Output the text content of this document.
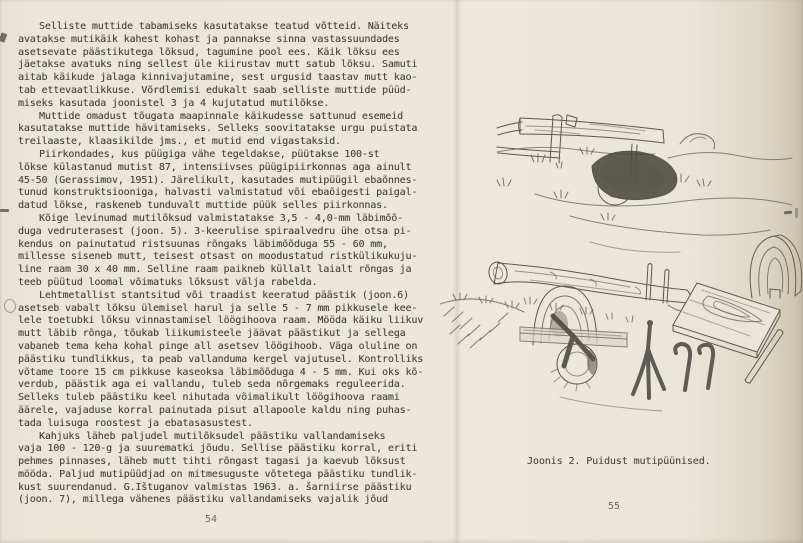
Selliste muttide tabamiseks kasutatakse teatud võtteid. Näiteks
avatakse mutikäik kahest kohast ja pannakse sinna vastassuundades
asetsevate päästikutega lõksud, tagumine pool ees. Käik lõksu ees
jäetakse avatuks ning sellest üle kiirustav mutt satub lõksu. Samuti
aitab käikude jalaga kinnivajutamine, sest urgusid taastav mutt kao-
tab ettevaatlikkuse. Võrdlemisi edukalt saab selliste muttide püüd-
miseks kasutada joonistel 3 ja 4 kujutatud mutilõkse.
Muttide omadust tõugata maapinnale käikudesse sattunud esemeid
kasutatakse muttide hävitamiseks. Selleks soovitatakse urgu puistata
treilaaste, klaasikilde jms., et mutid end vigastaksid.
Piirkondades, kus püügiga vähe tegeldakse, püütakse 100-st
lõkse külastanud mutist 87, intensiivses püügipiirkonnas aga ainult
45-50 (Gerassimov, 1951). Järelikult, kasutades mutipüügil ebaõnnes-
tunud konstruktsiooniga, halvasti valmistatud või ebaõigesti paigal-
datud lõkse, raskeneb tunduvalt muttide püük selles piirkonnas.
Kõige levinumad mutilõksud valmistatakse 3,5 - 4,0-mm läbimõõ-
duga vedruterasest (joon. 5). 3-keerulise spiraalvedru ühe otsa pi-
kendus on painutatud ristsuunas rõngaks läbimõõduga 55 - 60 mm,
millesse siseneb mutt, teisest otsast on moodustatud ristkülikukuju-
line raam 30 x 40 mm. Selline raam paikneb küllalt laialt rõngas ja
teeb püütud loomal võimatuks lõksust välja rabelda.
Lehtmetallist stantsitud või traadist keeratud päästik (joon.6)
asetseb vabalt lõksu ülemisel harul ja selle 5 - 7 mm pikkusele kee-
lele toetubki lõksu vinnastamisel löögihoova raam. Mööda käiku liikuv
mutt läbib rõnga, tõukab liikumisteele jäävat päästikut ja sellega
vabaneb tema keha kohal pinge all asetsev löögihoob. Väga oluline on
päästiku tundlikkus, ta peab vallanduma kergel vajutusel. Kontrolliks
võtame toore 15 cm pikkuse kaseoksa läbimõõduga 4 - 5 mm. Kui oks kõ-
verdub, päästik aga ei vallandu, tuleb seda nõrgemaks reguleerida.
Selleks tuleb päästiku keel nihutada võimalikult löögihoova raami
äärele, vajaduse korral painutada pisut allapoole kaldu ning puhas-
tada luisuga roostest ja ebatasasustest.
Kahjuks läheb paljudel mutilõksudel päästiku vallandamiseks
vaja 100 - 120-g ja suurematki jõudu. Sellise päästiku korral, eriti
pehmes pinnases, läheb mutt tihti rõngast tagasi ja kaevub lõksust
mööda. Paljud mutipüüdjad on mitmesuguste võtetega päästiku tundlik-
kust suurendanud. G.Ištuganov valmistas 1963. a. šarniirse päästiku
(joon. 7), millega vähenes päästiku vallandamiseks vajalik jõud
Joonis 2. Puidust mutipüünised.
54
55
